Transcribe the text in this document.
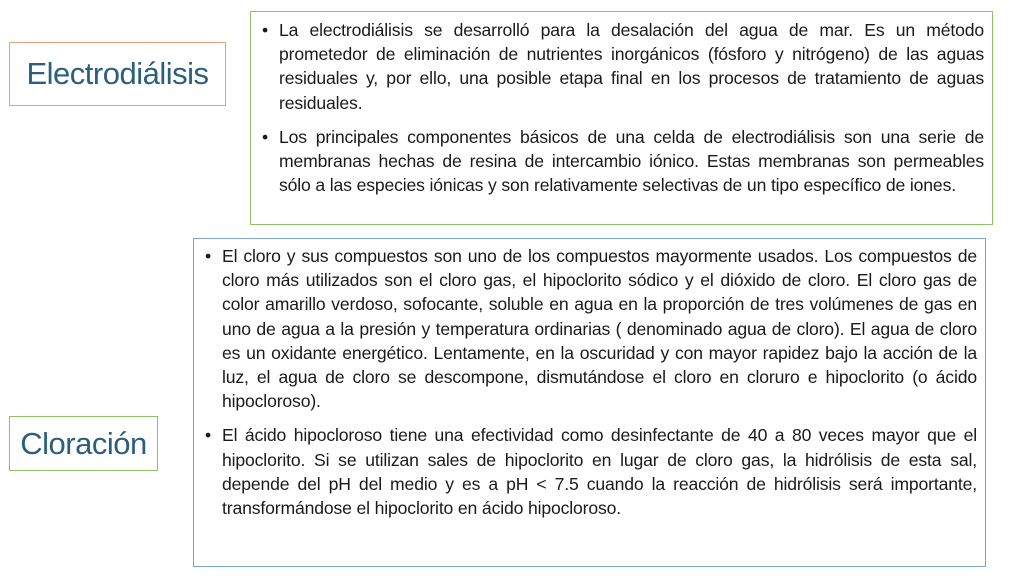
Electrodiálisis
• La electrodiálisis se desarrolló para la desalación del agua de mar. Es un método prometedor de eliminación de nutrientes inorgánicos (fósforo y nitrógeno) de las aguas residuales y, por ello, una posible etapa final en los procesos de tratamiento de aguas residuales.
• Los principales componentes básicos de una celda de electrodiálisis son una serie de membranas hechas de resina de intercambio iónico. Estas membranas son permeables sólo a las especies iónicas y son relativamente selectivas de un tipo específico de iones.
• El cloro y sus compuestos son uno de los compuestos mayormente usados. Los compuestos de cloro más utilizados son el cloro gas, el hipoclorito sódico y el dióxido de cloro. El cloro gas de color amarillo verdoso, sofocante, soluble en agua en la proporción de tres volúmenes de gas en uno de agua a la presión y temperatura ordinarias ( denominado agua de cloro). El agua de cloro es un oxidante energético. Lentamente, en la oscuridad y con mayor rapidez bajo la acción de la luz, el agua de cloro se descompone, dismutándose el cloro en cloruro e hipoclorito (o ácido hipocloroso).
• El ácido hipocloroso tiene una efectividad como desinfectante de 40 a 80 veces mayor que el hipoclorito. Si se utilizan sales de hipoclorito en lugar de cloro gas, la hidrólisis de esta sal, depende del pH del medio y es a pH < 7.5 cuando la reacción de hidrólisis será importante, transformándose el hipoclorito en ácido hipocloroso.
Cloración
